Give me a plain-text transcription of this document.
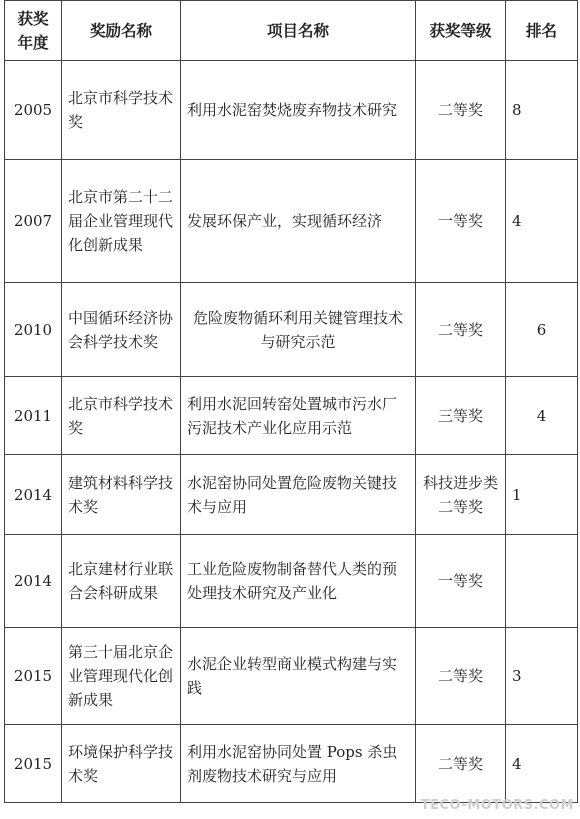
获奖年度	奖励名称	项目名称	获奖等级	排名
2005	北京市科学技术奖	利用水泥窑焚烧废弃物技术研究	二等奖	8
2007	北京市第二十二届企业管理现代化创新成果	发展环保产业，实现循环经济	一等奖	4
2010	中国循环经济协会科学技术奖	危险废物循环利用关键管理技术与研究示范	二等奖	6
2011	北京市科学技术奖	利用水泥回转窑处置城市污水厂污泥技术产业化应用示范	三等奖	4
2014	建筑材料科学技术奖	水泥窑协同处置危险废物关键技术与应用	科技进步类二等奖	1
2014	北京建材行业联合会科研成果	工业危险废物制备替代人类的预处理技术研究及产业化	一等奖	
2015	第三十届北京企业管理现代化创新成果	水泥企业转型商业模式构建与实践	二等奖	3
2015	环境保护科学技术奖	利用水泥窑协同处置 Pops 杀虫剂废物技术研究与应用	二等奖	4
TECO-MOTORS.COM
